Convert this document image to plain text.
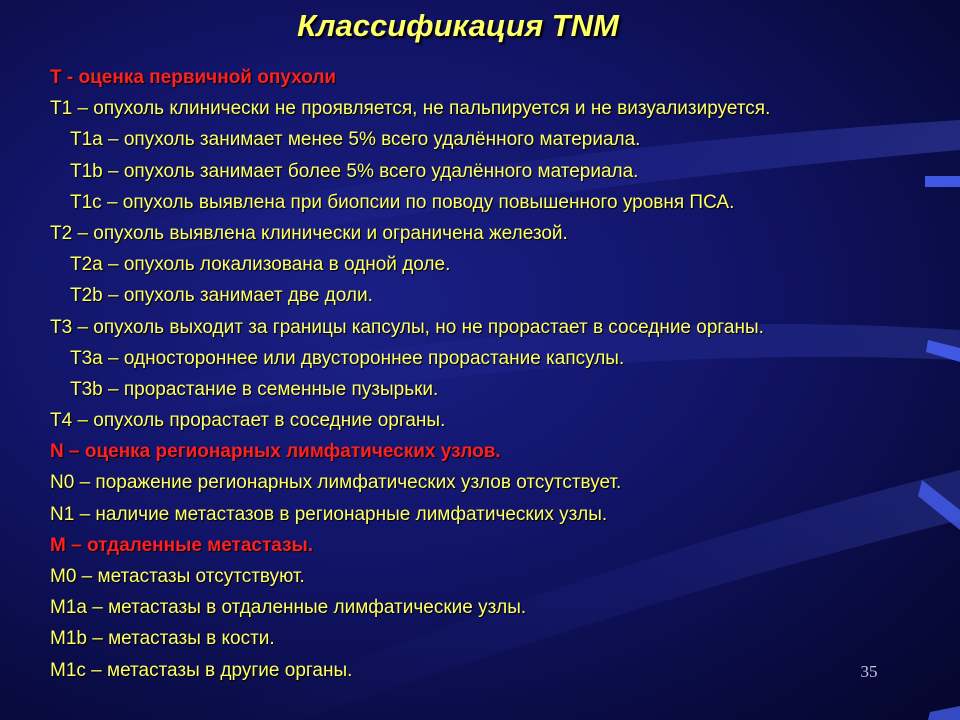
Классификация TNM
T - оценка первичной опухоли
T1 – опухоль клинически не проявляется, не пальпируется и не визуализируется.
T1a – опухоль занимает менее 5% всего удалённого материала.
T1b – опухоль занимает более 5% всего удалённого материала.
T1c – опухоль выявлена при биопсии по поводу повышенного уровня ПСА.
T2 – опухоль выявлена клинически и ограничена железой.
T2a – опухоль локализована в одной доле.
T2b – опухоль занимает две доли.
T3 – опухоль выходит за границы капсулы, но не прорастает в соседние органы.
T3a – одностороннее или двустороннее прорастание капсулы.
T3b – прорастание в семенные пузырьки.
T4 – опухоль прорастает в соседние органы.
N – оценка регионарных лимфатических узлов.
N0 – поражение регионарных лимфатических узлов отсутствует.
N1 – наличие метастазов в регионарные лимфатических узлы.
M – отдаленные метастазы.
M0 – метастазы отсутствуют.
M1a – метастазы в отдаленные лимфатические узлы.
M1b – метастазы в кости.
M1c – метастазы в другие органы.	35
